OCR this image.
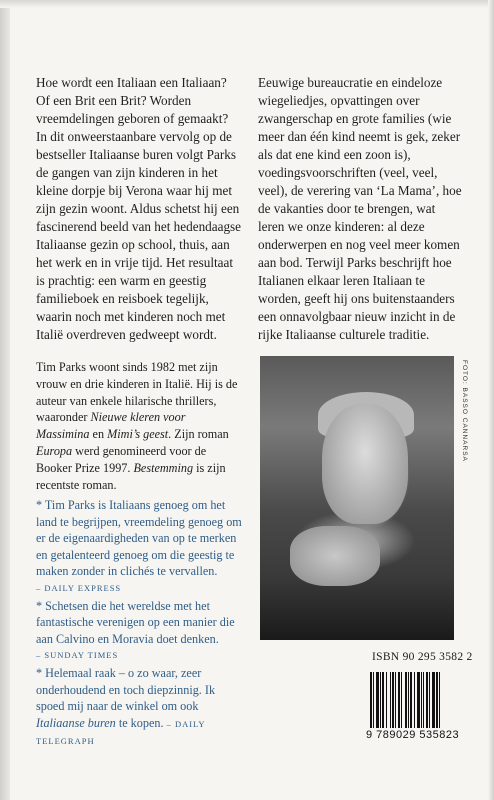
Hoe wordt een Italiaan een Italiaan? Of een Brit een Brit? Worden vreemdelingen geboren of gemaakt? In dit onweerstaanbare vervolg op de bestseller Italiaanse buren volgt Parks de gangen van zijn kinderen in het kleine dorpje bij Verona waar hij met zijn gezin woont. Aldus schetst hij een fascinerend beeld van het hedendaagse Italiaanse gezin op school, thuis, aan het werk en in vrije tijd. Het resultaat is prachtig: een warm en geestig familieboek en reisboek tegelijk, waarin noch met kinderen noch met Italië overdreven gedweept wordt.

Eeuwige bureaucratie en eindeloze wiegeliedjes, opvattingen over zwangerschap en grote families (wie meer dan één kind neemt is gek, zeker als dat ene kind een zoon is), voedingsvoorschriften (veel, veel, veel), de verering van ‘La Mama’, hoe de vakanties door te brengen, wat leren we onze kinderen: al deze onderwerpen en nog veel meer komen aan bod. Terwijl Parks beschrijft hoe Italianen elkaar leren Italiaan te worden, geeft hij ons buitenstaanders een onnavolgbaar nieuw inzicht in de rijke Italiaanse culturele traditie.

Tim Parks woont sinds 1982 met zijn vrouw en drie kinderen in Italië. Hij is de auteur van enkele hilarische thrillers, waaronder Nieuwe kleren voor Massimina en Mimi’s geest. Zijn roman Europa werd genomineerd voor de Booker Prize 1997. Bestemming is zijn recentste roman.

* Tim Parks is Italiaans genoeg om het land te begrijpen, vreemdeling genoeg om er de eigenaardigheden van op te merken en getalenteerd genoeg om die geestig te maken zonder in clichés te vervallen.
– DAILY EXPRESS

* Schetsen die het wereldse met het fantastische verenigen op een manier die aan Calvino en Moravia doet denken.
– SUNDAY TIMES

* Helemaal raak – o zo waar, zeer onderhoudend en toch diepzinnig. Ik spoed mij naar de winkel om ook Italiaanse buren te kopen. – DAILY TELEGRAPH

FOTO: BASSO CANNARSA
ISBN 90 295 3582 2
9 789029 535823
